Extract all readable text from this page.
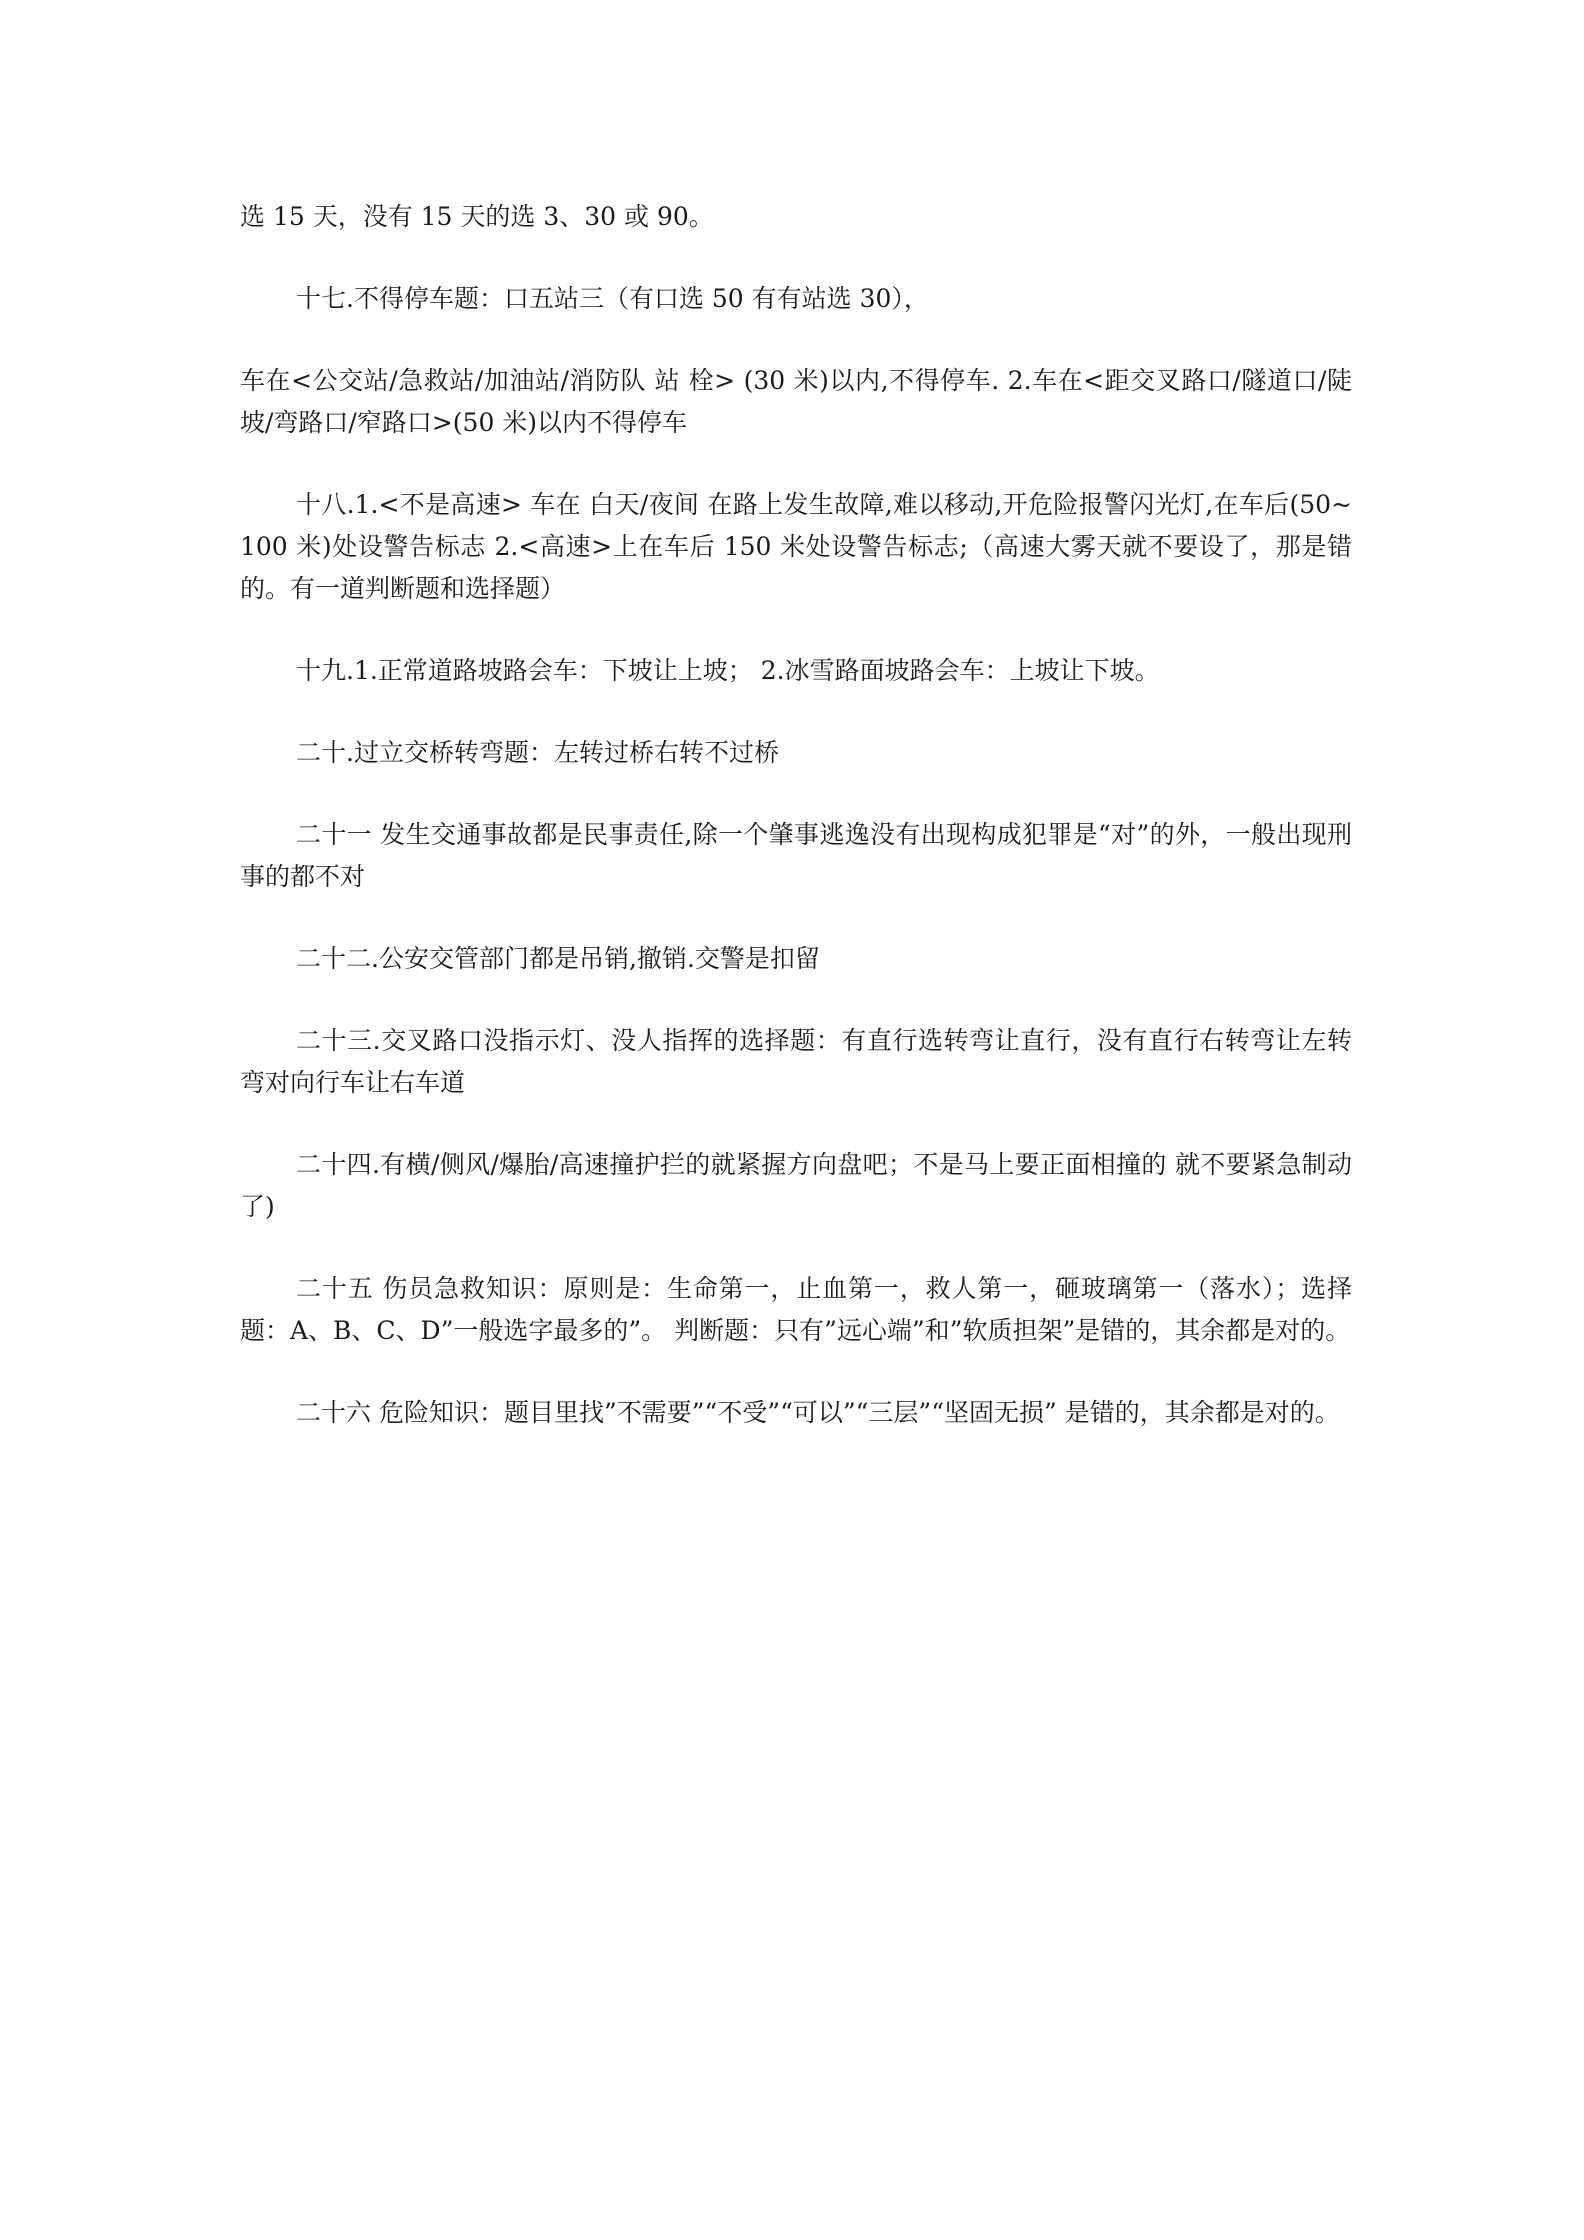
选 15 天，没有 15 天的选 3、30 或 90。

十七.不得停车题：口五站三（有口选 50 有有站选 30），

车在<公交站/急救站/加油站/消防队 站 栓> (30 米)以内,不得停车. 2.车在<距交叉路口/隧道口/陡坡/弯路口/窄路口>(50 米)以内不得停车

十八.1.<不是高速> 车在 白天/夜间 在路上发生故障,难以移动,开危险报警闪光灯,在车后(50~100 米)处设警告标志 2.<高速>上在车后 150 米处设警告标志;（高速大雾天就不要设了，那是错的。有一道判断题和选择题）

十九.1.正常道路坡路会车：下坡让上坡； 2.冰雪路面坡路会车：上坡让下坡。

二十.过立交桥转弯题：左转过桥右转不过桥

二十一 发生交通事故都是民事责任,除一个肇事逃逸没有出现构成犯罪是“对”的外，一般出现刑事的都不对

二十二.公安交管部门都是吊销,撤销.交警是扣留

二十三.交叉路口没指示灯、没人指挥的选择题：有直行选转弯让直行，没有直行右转弯让左转弯对向行车让右车道

二十四.有横/侧风/爆胎/高速撞护拦的就紧握方向盘吧；不是马上要正面相撞的 就不要紧急制动了)

二十五 伤员急救知识：原则是：生命第一，止血第一，救人第一，砸玻璃第一（落水）；选择题：A、B、C、D”一般选字最多的”。 判断题：只有”远心端”和”软质担架”是错的，其余都是对的。

二十六 危险知识：题目里找”不需要”“不受”“可以”“三层”“坚固无损” 是错的，其余都是对的。
